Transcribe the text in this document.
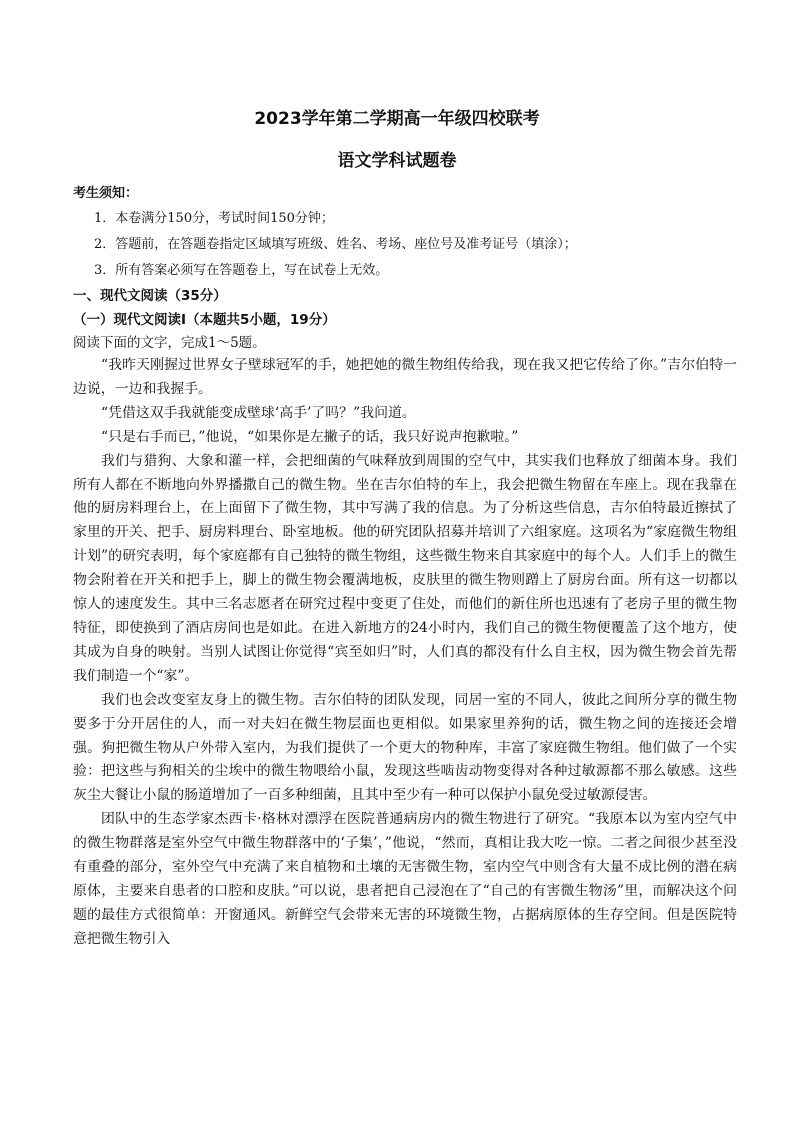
2023学年第二学期高一年级四校联考
语文学科试题卷
考生须知：
1．本卷满分150分，考试时间150分钟；
2．答题前，在答题卷指定区域填写班级、姓名、考场、座位号及准考证号（填涂）；
3．所有答案必须写在答题卷上，写在试卷上无效。
一、现代文阅读（35分）
（一）现代文阅读Ⅰ（本题共5小题，19分）
阅读下面的文字，完成1～5题。

“我昨天刚握过世界女子壁球冠军的手，她把她的微生物组传给我，现在我又把它传给了你。”吉尔伯特一边说，一边和我握手。

“凭借这双手我就能变成壁球‘高手’了吗？”我问道。

“只是右手而已，”他说，“如果你是左撇子的话，我只好说声抱歉啦。”

我们与猎狗、大象和灌一样，会把细菌的气味释放到周围的空气中，其实我们也释放了细菌本身。我们所有人都在不断地向外界播撒自己的微生物。坐在吉尔伯特的车上，我会把微生物留在车座上。现在我靠在他的厨房料理台上，在上面留下了微生物，其中写满了我的信息。为了分析这些信息，吉尔伯特最近擦拭了家里的开关、把手、厨房料理台、卧室地板。他的研究团队招募并培训了六组家庭。这项名为“家庭微生物组计划”的研究表明，每个家庭都有自己独特的微生物组，这些微生物来自其家庭中的每个人。人们手上的微生物会附着在开关和把手上，脚上的微生物会覆满地板，皮肤里的微生物则蹭上了厨房台面。所有这一切都以惊人的速度发生。其中三名志愿者在研究过程中变更了住处，而他们的新住所也迅速有了老房子里的微生物特征，即使换到了酒店房间也是如此。在进入新地方的24小时内，我们自己的微生物便覆盖了这个地方，使其成为自身的映射。当别人试图让你觉得“宾至如归”时，人们真的都没有什么自主权，因为微生物会首先帮我们制造一个“家”。

我们也会改变室友身上的微生物。吉尔伯特的团队发现，同居一室的不同人，彼此之间所分享的微生物要多于分开居住的人，而一对夫妇在微生物层面也更相似。如果家里养狗的话，微生物之间的连接还会增强。狗把微生物从户外带入室内，为我们提供了一个更大的物种库，丰富了家庭微生物组。他们做了一个实验：把这些与狗相关的尘埃中的微生物喂给小鼠，发现这些啮齿动物变得对各种过敏源都不那么敏感。这些灰尘大餐让小鼠的肠道增加了一百多种细菌，且其中至少有一种可以保护小鼠免受过敏源侵害。

团队中的生态学家杰西卡·格林对漂浮在医院普通病房内的微生物进行了研究。“我原本以为室内空气中的微生物群落是室外空气中微生物群落中的‘子集’，”他说，“然而，真相让我大吃一惊。二者之间很少甚至没有重叠的部分，室外空气中充满了来自植物和土壤的无害微生物，室内空气中则含有大量不成比例的潜在病原体，主要来自患者的口腔和皮肤。”可以说，患者把自己浸泡在了“自己的有害微生物汤”里，而解决这个问题的最佳方式很简单：开窗通风。新鲜空气会带来无害的环境微生物，占据病原体的生存空间。但是医院特意把微生物引入
